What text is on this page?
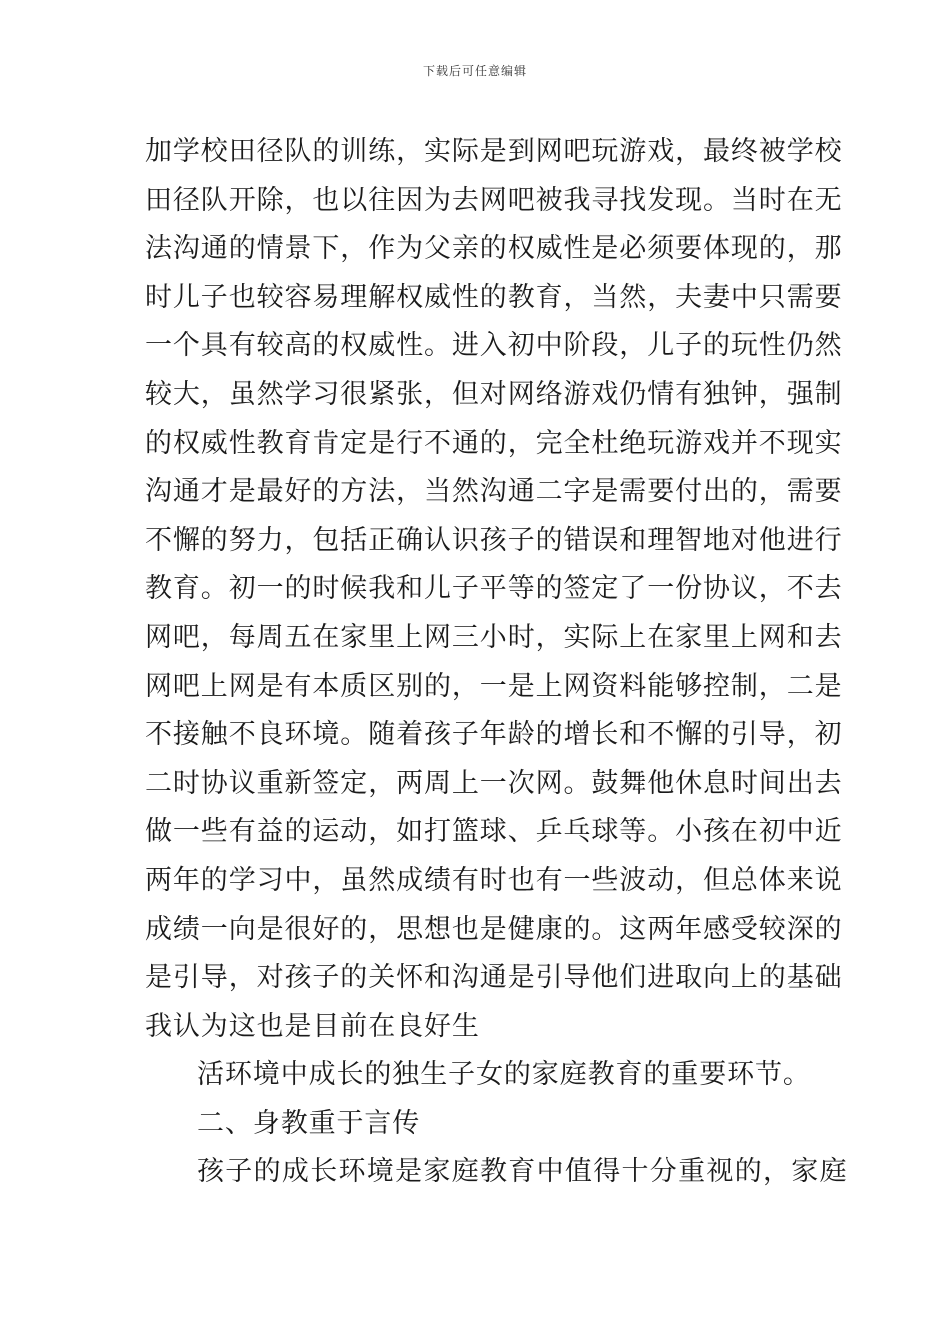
下载后可任意编辑
加学校田径队的训练，实际是到网吧玩游戏，最终被学校
田径队开除，也以往因为去网吧被我寻找发现。当时在无
法沟通的情景下，作为父亲的权威性是必须要体现的，那
时儿子也较容易理解权威性的教育，当然，夫妻中只需要
一个具有较高的权威性。进入初中阶段，儿子的玩性仍然
较大，虽然学习很紧张，但对网络游戏仍情有独钟，强制
的权威性教育肯定是行不通的，完全杜绝玩游戏并不现实
沟通才是最好的方法，当然沟通二字是需要付出的，需要
不懈的努力，包括正确认识孩子的错误和理智地对他进行
教育。初一的时候我和儿子平等的签定了一份协议，不去
网吧，每周五在家里上网三小时，实际上在家里上网和去
网吧上网是有本质区别的，一是上网资料能够控制，二是
不接触不良环境。随着孩子年龄的增长和不懈的引导，初
二时协议重新签定，两周上一次网。鼓舞他休息时间出去
做一些有益的运动，如打篮球、乒乓球等。小孩在初中近
两年的学习中，虽然成绩有时也有一些波动，但总体来说
成绩一向是很好的，思想也是健康的。这两年感受较深的
是引导，对孩子的关怀和沟通是引导他们进取向上的基础
我认为这也是目前在良好生
活环境中成长的独生子女的家庭教育的重要环节。
二、身教重于言传
孩子的成长环境是家庭教育中值得十分重视的，家庭
